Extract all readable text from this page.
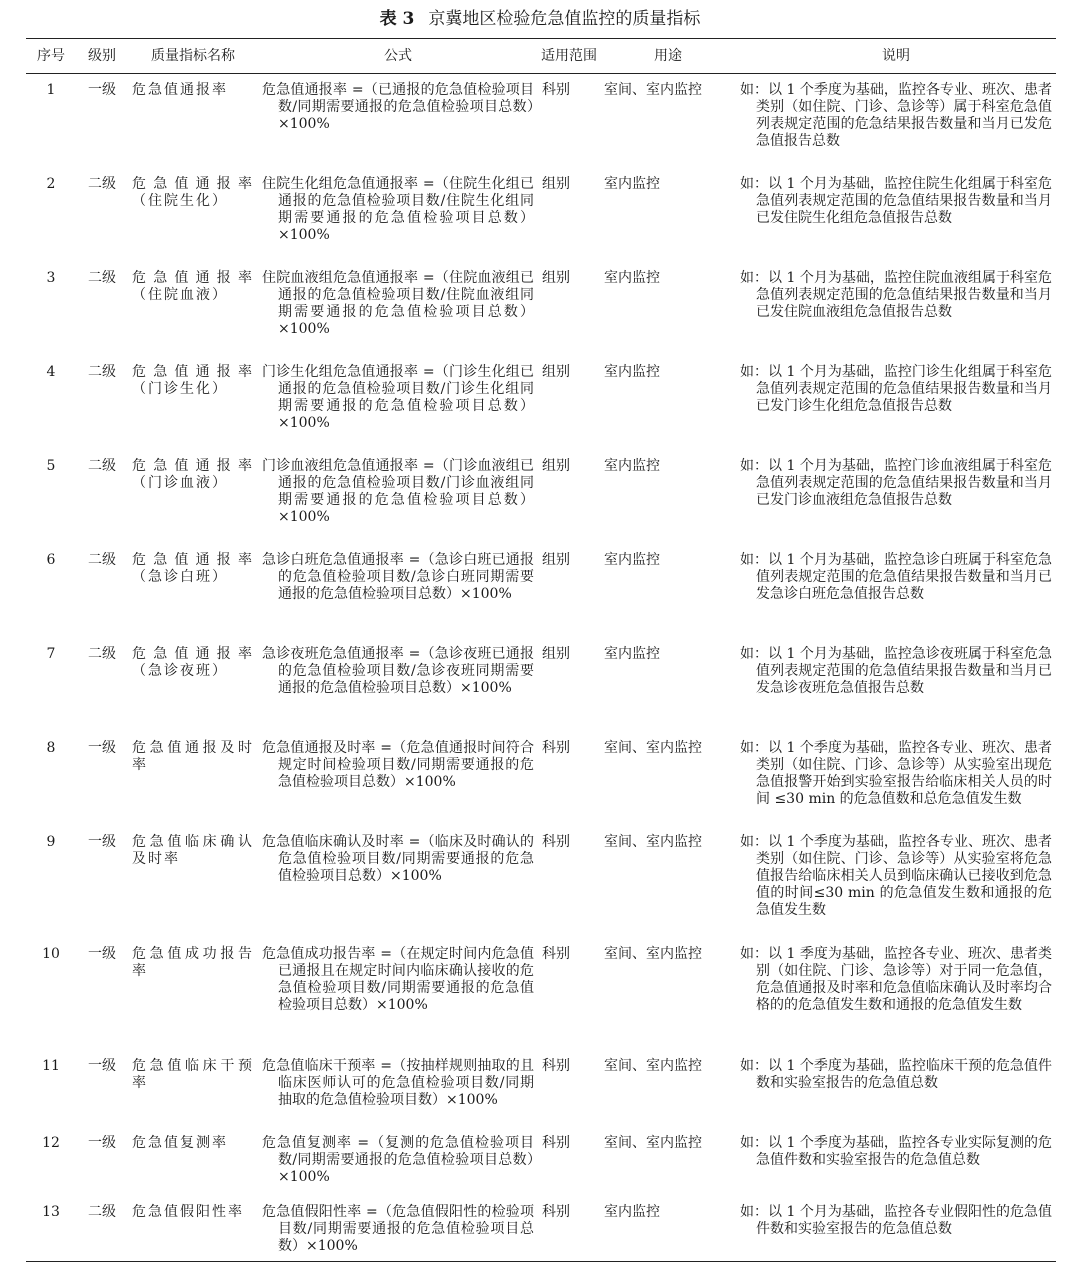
表 3 京冀地区检验危急值监控的质量指标
序号	级别	质量指标名称	公式	适用范围	用途	说明
1	一级	危急值通报率	危急值通报率 =（已通报的危急值检验项目数/同期需要通报的危急值检验项目总数）×100%	科别	室间、室内监控	如：以 1 个季度为基础，监控各专业、班次、患者类别（如住院、门诊、急诊等）属于科室危急值列表规定范围的危急结果报告数量和当月已发危急值报告总数

2	二级	危急值通报率（住院生化）	住院生化组危急值通报率 =（住院生化组已通报的危急值检验项目数/住院生化组同期需要通报的危急值检验项目总数）×100%	组别	室内监控	如：以 1 个月为基础，监控住院生化组属于科室危急值列表规定范围的危急值结果报告数量和当月已发住院生化组危急值报告总数

3	二级	危急值通报率（住院血液）	住院血液组危急值通报率 =（住院血液组已通报的危急值检验项目数/住院血液组同期需要通报的危急值检验项目总数）×100%	组别	室内监控	如：以 1 个月为基础，监控住院血液组属于科室危急值列表规定范围的危急值结果报告数量和当月已发住院血液组危急值报告总数

4	二级	危急值通报率（门诊生化）	门诊生化组危急值通报率 =（门诊生化组已通报的危急值检验项目数/门诊生化组同期需要通报的危急值检验项目总数）×100%	组别	室内监控	如：以 1 个月为基础，监控门诊生化组属于科室危急值列表规定范围的危急值结果报告数量和当月已发门诊生化组危急值报告总数

5	二级	危急值通报率（门诊血液）	门诊血液组危急值通报率 =（门诊血液组已通报的危急值检验项目数/门诊血液组同期需要通报的危急值检验项目总数）×100%	组别	室内监控	如：以 1 个月为基础，监控门诊血液组属于科室危急值列表规定范围的危急值结果报告数量和当月已发门诊血液组危急值报告总数

6	二级	危急值通报率（急诊白班）	急诊白班危急值通报率 =（急诊白班已通报的危急值检验项目数/急诊白班同期需要通报的危急值检验项目总数）×100%	组别	室内监控	如：以 1 个月为基础，监控急诊白班属于科室危急值列表规定范围的危急值结果报告数量和当月已发急诊白班危急值报告总数

7	二级	危急值通报率（急诊夜班）	急诊夜班危急值通报率 =（急诊夜班已通报的危急值检验项目数/急诊夜班同期需要通报的危急值检验项目总数）×100%	组别	室内监控	如：以 1 个月为基础，监控急诊夜班属于科室危急值列表规定范围的危急值结果报告数量和当月已发急诊夜班危急值报告总数

8	一级	危急值通报及时率	危急值通报及时率 =（危急值通报时间符合规定时间检验项目数/同期需要通报的危急值检验项目总数）×100%	科别	室间、室内监控	如：以 1 个季度为基础，监控各专业、班次、患者类别（如住院、门诊、急诊等）从实验室出现危急值报警开始到实验室报告给临床相关人员的时间 ≤30 min 的危急值数和总危急值发生数

9	一级	危急值临床确认及时率	危急值临床确认及时率 =（临床及时确认的危急值检验项目数/同期需要通报的危急值检验项目总数）×100%	科别	室间、室内监控	如：以 1 个季度为基础，监控各专业、班次、患者类别（如住院、门诊、急诊等）从实验室将危急值报告给临床相关人员到临床确认已接收到危急值的时间≤30 min 的危急值发生数和通报的危急值发生数

10	一级	危急值成功报告率	危急值成功报告率 =（在规定时间内危急值已通报且在规定时间内临床确认接收的危急值检验项目数/同期需要通报的危急值检验项目总数）×100%	科别	室间、室内监控	如：以 1 季度为基础，监控各专业、班次、患者类别（如住院、门诊、急诊等）对于同一危急值，危急值通报及时率和危急值临床确认及时率均合格的的危急值发生数和通报的危急值发生数

11	一级	危急值临床干预率	危急值临床干预率 =（按抽样规则抽取的且临床医师认可的危急值检验项目数/同期抽取的危急值检验项目数）×100%	科别	室间、室内监控	如：以 1 个季度为基础，监控临床干预的危急值件数和实验室报告的危急值总数

12	一级	危急值复测率	危急值复测率 =（复测的危急值检验项目数/同期需要通报的危急值检验项目总数）×100%	科别	室间、室内监控	如：以 1 个季度为基础，监控各专业实际复测的危急值件数和实验室报告的危急值总数

13	二级	危急值假阳性率	危急值假阳性率 =（危急值假阳性的检验项目数/同期需要通报的危急值检验项目总数）×100%	科别	室内监控	如：以 1 个月为基础，监控各专业假阳性的危急值件数和实验室报告的危急值总数
